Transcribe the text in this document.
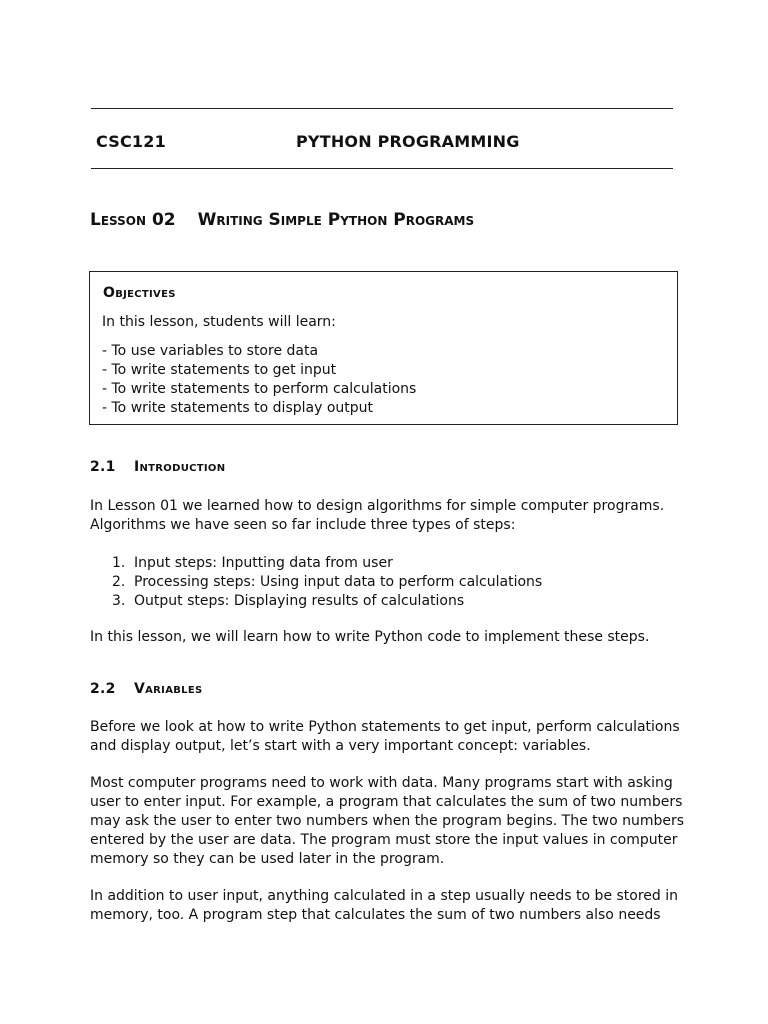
CSC121	PYTHON PROGRAMMING
Lesson 02 Writing Simple Python Programs
Objectives
In this lesson, students will learn:
- To use variables to store data
- To write statements to get input
- To write statements to perform calculations
- To write statements to display output
2.1 Introduction
In Lesson 01 we learned how to design algorithms for simple computer programs.
Algorithms we have seen so far include three types of steps:
1. Input steps: Inputting data from user
2. Processing steps: Using input data to perform calculations
3. Output steps: Displaying results of calculations
In this lesson, we will learn how to write Python code to implement these steps.
2.2 Variables
Before we look at how to write Python statements to get input, perform calculations
and display output, let’s start with a very important concept: variables.
Most computer programs need to work with data. Many programs start with asking
user to enter input. For example, a program that calculates the sum of two numbers
may ask the user to enter two numbers when the program begins. The two numbers
entered by the user are data. The program must store the input values in computer
memory so they can be used later in the program.
In addition to user input, anything calculated in a step usually needs to be stored in
memory, too. A program step that calculates the sum of two numbers also needs
